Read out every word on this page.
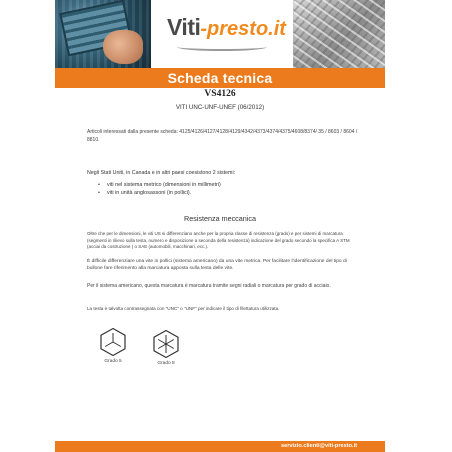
Viti-presto.it
Scheda tecnica
VS4126
VITI UNC-UNF-UNEF (06/2012)
Articoli interessati dalla presente scheda: 4125/4126/4127/4128/4129/4342/4373/4374/4375/4608/8374/ 35 / 8603 / 8604 / 8810.
Negli Stati Uniti, in Canada e in altri paesi coesistono 2 sistemi:
• viti nel sistema metrico (dimensioni in millimetri)
• viti in unità anglosassoni (in pollici).
Resistenza meccanica
Oltre che per le dimensioni, le viti US si differenziano anche per la propria classe di resistenza (grado) e per sistemi di marcatura (segmenti in rilievo sulla testa, numero e disposizione a seconda della resistenza) indicazione del grado secondo la specifica A STM (acciai da costruzione ) o SAE (automobili, macchinari, ecc.).
È difficile differenziare una vite in pollici (sistema americano) da una vite metrica. Per facilitare l'identificazione del tipo di bullone fare riferimento alla marcatura apposta sulla testa delle vite.
Per il sistema americano, questa marcatura è marcatura tramite segni radiali o marcatura per grado di acciaio.
La testa è talvolta contrassegnata con "UNC" o "UNF" per indicare il tipo di filettatura utilizzata.
Grado 5	Grado 8
servizio.clienti@viti-presto.it
